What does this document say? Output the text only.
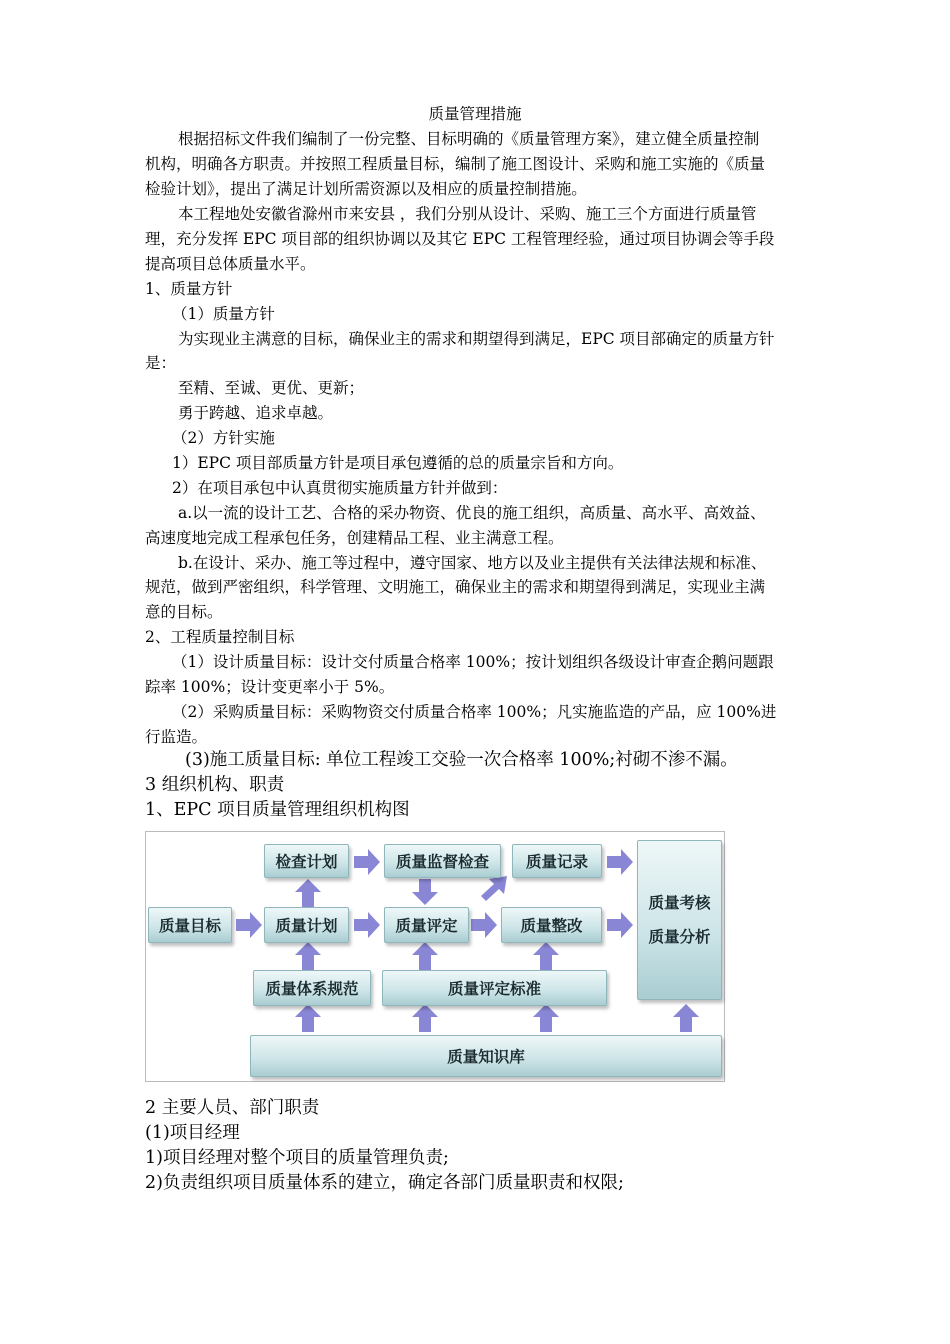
质量管理措施
根据招标文件我们编制了一份完整、目标明确的《质量管理方案》，建立健全质量控制
机构，明确各方职责。并按照工程质量目标，编制了施工图设计、采购和施工实施的《质量
检验计划》，提出了满足计划所需资源以及相应的质量控制措施。
本工程地处安徽省滁州市来安县 ，我们分别从设计、采购、施工三个方面进行质量管
理，充分发挥 EPC 项目部的组织协调以及其它 EPC 工程管理经验，通过项目协调会等手段
提高项目总体质量水平。
1、质量方针
（1）质量方针
为实现业主满意的目标，确保业主的需求和期望得到满足，EPC 项目部确定的质量方针
是：
至精、至诚、更优、更新；
勇于跨越、追求卓越。
（2）方针实施
1）EPC 项目部质量方针是项目承包遵循的总的质量宗旨和方向。
2）在项目承包中认真贯彻实施质量方针并做到：
a.以一流的设计工艺、合格的采办物资、优良的施工组织，高质量、高水平、高效益、
高速度地完成工程承包任务，创建精品工程、业主满意工程。
b.在设计、采办、施工等过程中，遵守国家、地方以及业主提供有关法律法规和标准、
规范，做到严密组织，科学管理、文明施工，确保业主的需求和期望得到满足，实现业主满
意的目标。
2、工程质量控制目标
（1）设计质量目标：设计交付质量合格率 100%；按计划组织各级设计审查企鹅问题跟
踪率 100%；设计变更率小于 5%。
（2）采购质量目标：采购物资交付质量合格率 100%；凡实施监造的产品，应 100%进
行监造。
(3)施工质量目标: 单位工程竣工交验一次合格率 100%;衬砌不渗不漏。
3 组织机构、职责
1、EPC 项目质量管理组织机构图
检查计划	质量监督检查	质量记录
质量目标	质量计划	质量评定	质量整改
质量考核
质量分析
质量体系规范	质量评定标准
质量知识库
2 主要人员、部门职责
(1)项目经理
1)项目经理对整个项目的质量管理负责;
2)负责组织项目质量体系的建立，确定各部门质量职责和权限;
